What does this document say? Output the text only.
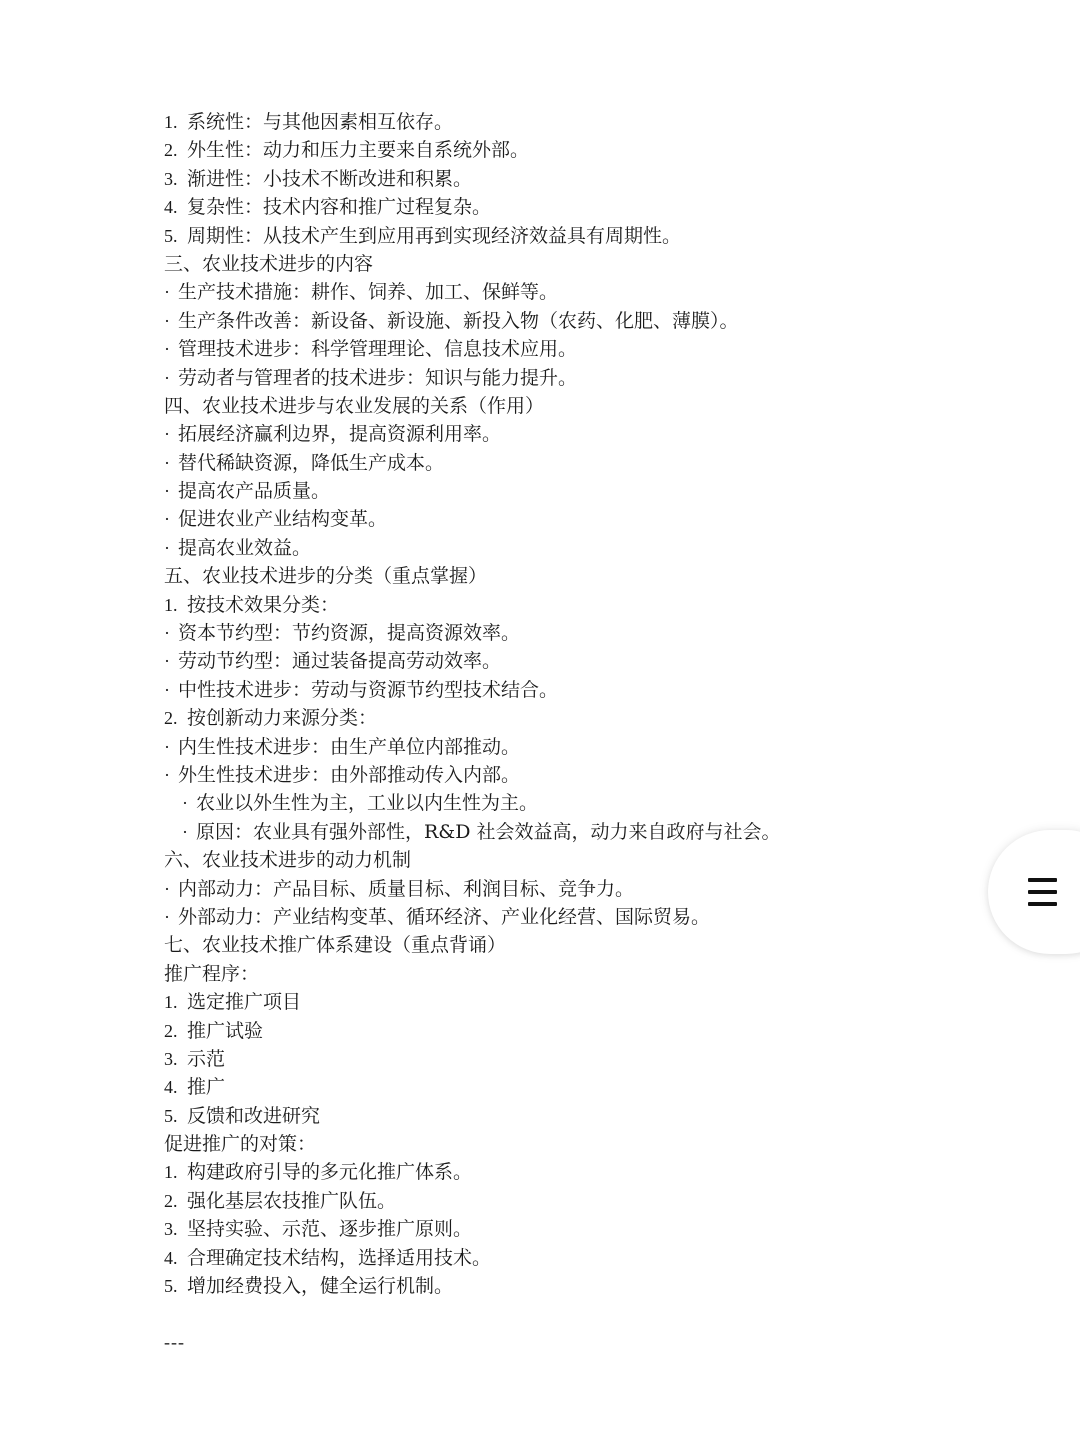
1. 系统性：与其他因素相互依存。
2. 外生性：动力和压力主要来自系统外部。
3. 渐进性：小技术不断改进和积累。
4. 复杂性：技术内容和推广过程复杂。
5. 周期性：从技术产生到应用再到实现经济效益具有周期性。
三、农业技术进步的内容
· 生产技术措施：耕作、饲养、加工、保鲜等。
· 生产条件改善：新设备、新设施、新投入物（农药、化肥、薄膜）。
· 管理技术进步：科学管理理论、信息技术应用。
· 劳动者与管理者的技术进步：知识与能力提升。
四、农业技术进步与农业发展的关系（作用）
· 拓展经济赢利边界，提高资源利用率。
· 替代稀缺资源，降低生产成本。
· 提高农产品质量。
· 促进农业产业结构变革。
· 提高农业效益。
五、农业技术进步的分类（重点掌握）
1. 按技术效果分类：
· 资本节约型：节约资源，提高资源效率。
· 劳动节约型：通过装备提高劳动效率。
· 中性技术进步：劳动与资源节约型技术结合。
2. 按创新动力来源分类：
· 内生性技术进步：由生产单位内部推动。
· 外生性技术进步：由外部推动传入内部。
· 农业以外生性为主，工业以内生性为主。
· 原因：农业具有强外部性，R&D 社会效益高，动力来自政府与社会。
六、农业技术进步的动力机制
· 内部动力：产品目标、质量目标、利润目标、竞争力。
· 外部动力：产业结构变革、循环经济、产业化经营、国际贸易。
七、农业技术推广体系建设（重点背诵）
推广程序：
1. 选定推广项目
2. 推广试验
3. 示范
4. 推广
5. 反馈和改进研究
促进推广的对策：
1. 构建政府引导的多元化推广体系。
2. 强化基层农技推广队伍。
3. 坚持实验、示范、逐步推广原则。
4. 合理确定技术结构，选择适用技术。
5. 增加经费投入，健全运行机制。
---
